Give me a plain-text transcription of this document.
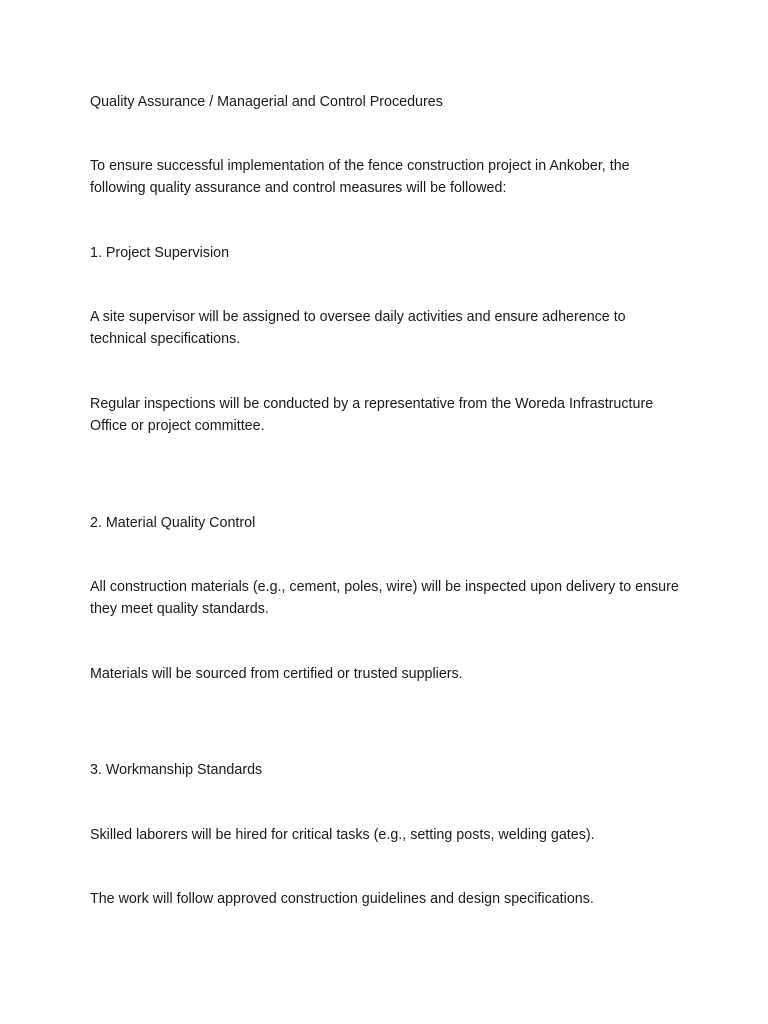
Quality Assurance / Managerial and Control Procedures

To ensure successful implementation of the fence construction project in Ankober, the following quality assurance and control measures will be followed:

1. Project Supervision

A site supervisor will be assigned to oversee daily activities and ensure adherence to technical specifications.

Regular inspections will be conducted by a representative from the Woreda Infrastructure Office or project committee.

2. Material Quality Control

All construction materials (e.g., cement, poles, wire) will be inspected upon delivery to ensure they meet quality standards.

Materials will be sourced from certified or trusted suppliers.

3. Workmanship Standards

Skilled laborers will be hired for critical tasks (e.g., setting posts, welding gates).

The work will follow approved construction guidelines and design specifications.
